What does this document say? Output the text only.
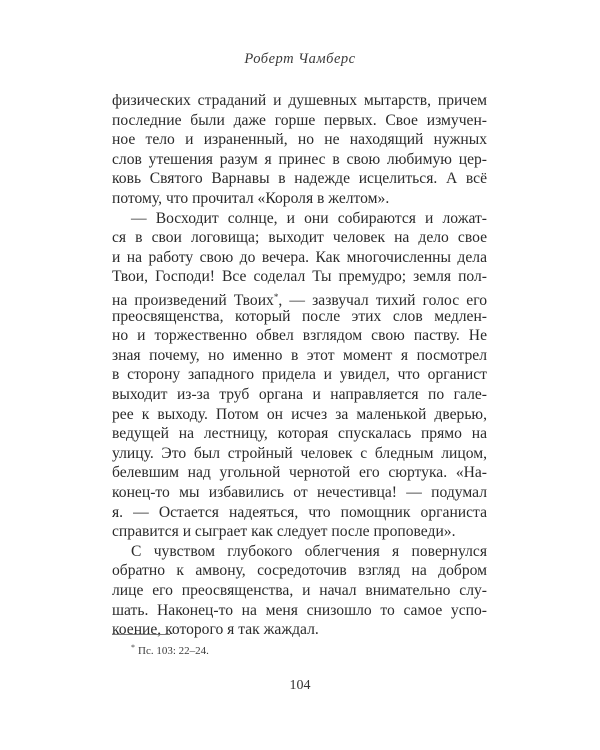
Роберт Чамберс
физических страданий и душевных мытарств, причем
последние были даже горше первых. Свое измучен-
ное тело и израненный, но не находящий нужных
слов утешения разум я принес в свою любимую цер-
ковь Святого Варнавы в надежде исцелиться. А всё
потому, что прочитал «Короля в желтом».
— Восходит солнце, и они собираются и ложат-
ся в свои логовища; выходит человек на дело свое
и на работу свою до вечера. Как многочисленны дела
Твои, Господи! Все соделал Ты премудро; земля пол-
на произведений Твоих*, — зазвучал тихий голос его
преосвященства, который после этих слов медлен-
но и торжественно обвел взглядом свою паству. Не
зная почему, но именно в этот момент я посмотрел
в сторону западного придела и увидел, что органист
выходит из-за труб органа и направляется по гале-
рее к выходу. Потом он исчез за маленькой дверью,
ведущей на лестницу, которая спускалась прямо на
улицу. Это был стройный человек с бледным лицом,
белевшим над угольной чернотой его сюртука. «На-
конец-то мы избавились от нечестивца! — подумал
я. — Остается надеяться, что помощник органиста
справится и сыграет как следует после проповеди».
С чувством глубокого облегчения я повернулся
обратно к амвону, сосредоточив взгляд на добром
лице его преосвященства, и начал внимательно слу-
шать. Наконец-то на меня снизошло то самое успо-
коение, которого я так жаждал.
* Пс. 103: 22–24.
104
